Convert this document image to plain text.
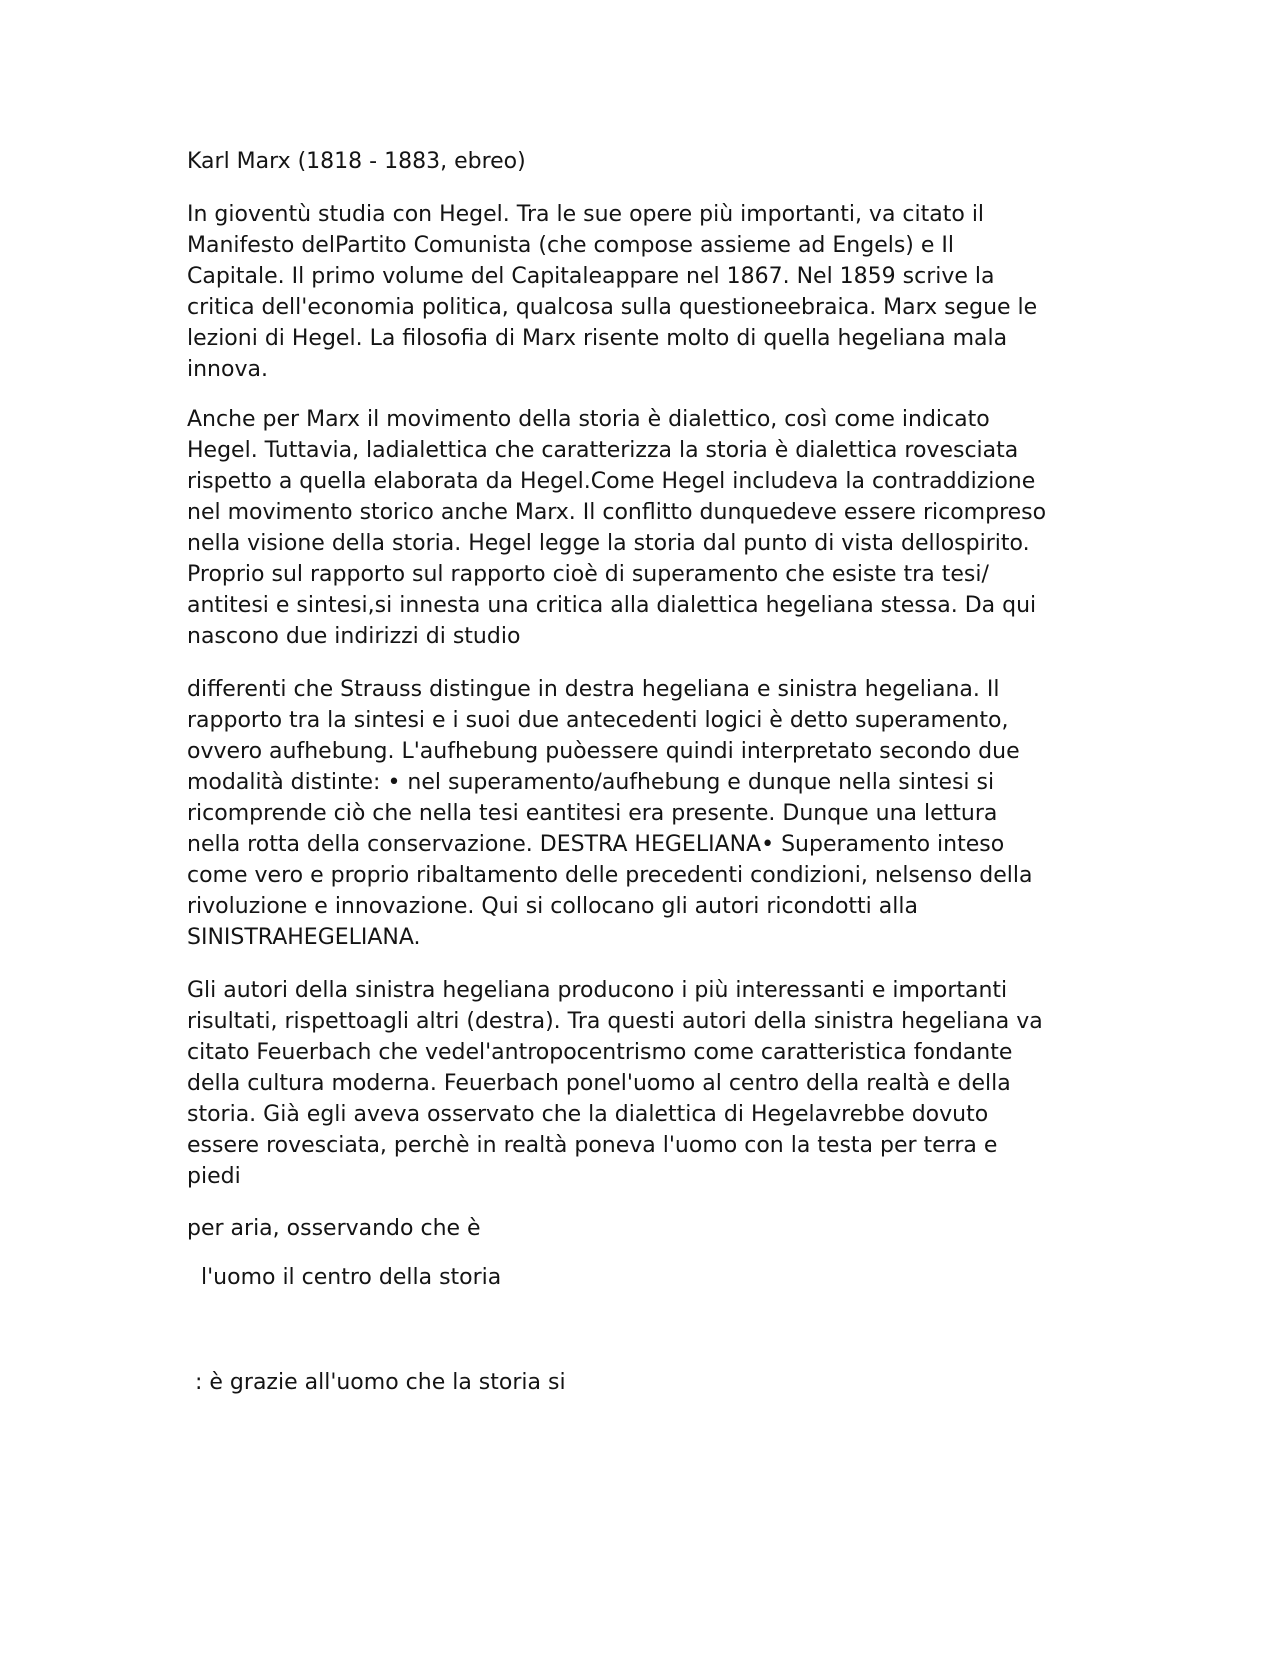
Karl Marx (1818 - 1883, ebreo)
In gioventù studia con Hegel. Tra le sue opere più importanti, va citato il
Manifesto delPartito Comunista (che compose assieme ad Engels) e Il
Capitale. Il primo volume del Capitaleappare nel 1867. Nel 1859 scrive la
critica dell'economia politica, qualcosa sulla questioneebraica. Marx segue le
lezioni di Hegel. La filosofia di Marx risente molto di quella hegeliana mala
innova.
Anche per Marx il movimento della storia è dialettico, così come indicato
Hegel. Tuttavia, ladialettica che caratterizza la storia è dialettica rovesciata
rispetto a quella elaborata da Hegel.Come Hegel includeva la contraddizione
nel movimento storico anche Marx. Il conflitto dunquedeve essere ricompreso
nella visione della storia. Hegel legge la storia dal punto di vista dellospirito.
Proprio sul rapporto sul rapporto cioè di superamento che esiste tra tesi/
antitesi e sintesi,si innesta una critica alla dialettica hegeliana stessa. Da qui
nascono due indirizzi di studio
differenti che Strauss distingue in destra hegeliana e sinistra hegeliana. Il
rapporto tra la sintesi e i suoi due antecedenti logici è detto superamento,
ovvero aufhebung. L'aufhebung puòessere quindi interpretato secondo due
modalità distinte: • nel superamento/aufhebung e dunque nella sintesi si
ricomprende ciò che nella tesi eantitesi era presente. Dunque una lettura
nella rotta della conservazione. DESTRA HEGELIANA• Superamento inteso
come vero e proprio ribaltamento delle precedenti condizioni, nelsenso della
rivoluzione e innovazione. Qui si collocano gli autori ricondotti alla
SINISTRAHEGELIANA.
Gli autori della sinistra hegeliana producono i più interessanti e importanti
risultati, rispettoagli altri (destra). Tra questi autori della sinistra hegeliana va
citato Feuerbach che vedel'antropocentrismo come caratteristica fondante
della cultura moderna. Feuerbach ponel'uomo al centro della realtà e della
storia. Già egli aveva osservato che la dialettica di Hegelavrebbe dovuto
essere rovesciata, perchè in realtà poneva l'uomo con la testa per terra e
piedi
per aria, osservando che è
l'uomo il centro della storia
: è grazie all'uomo che la storia si
